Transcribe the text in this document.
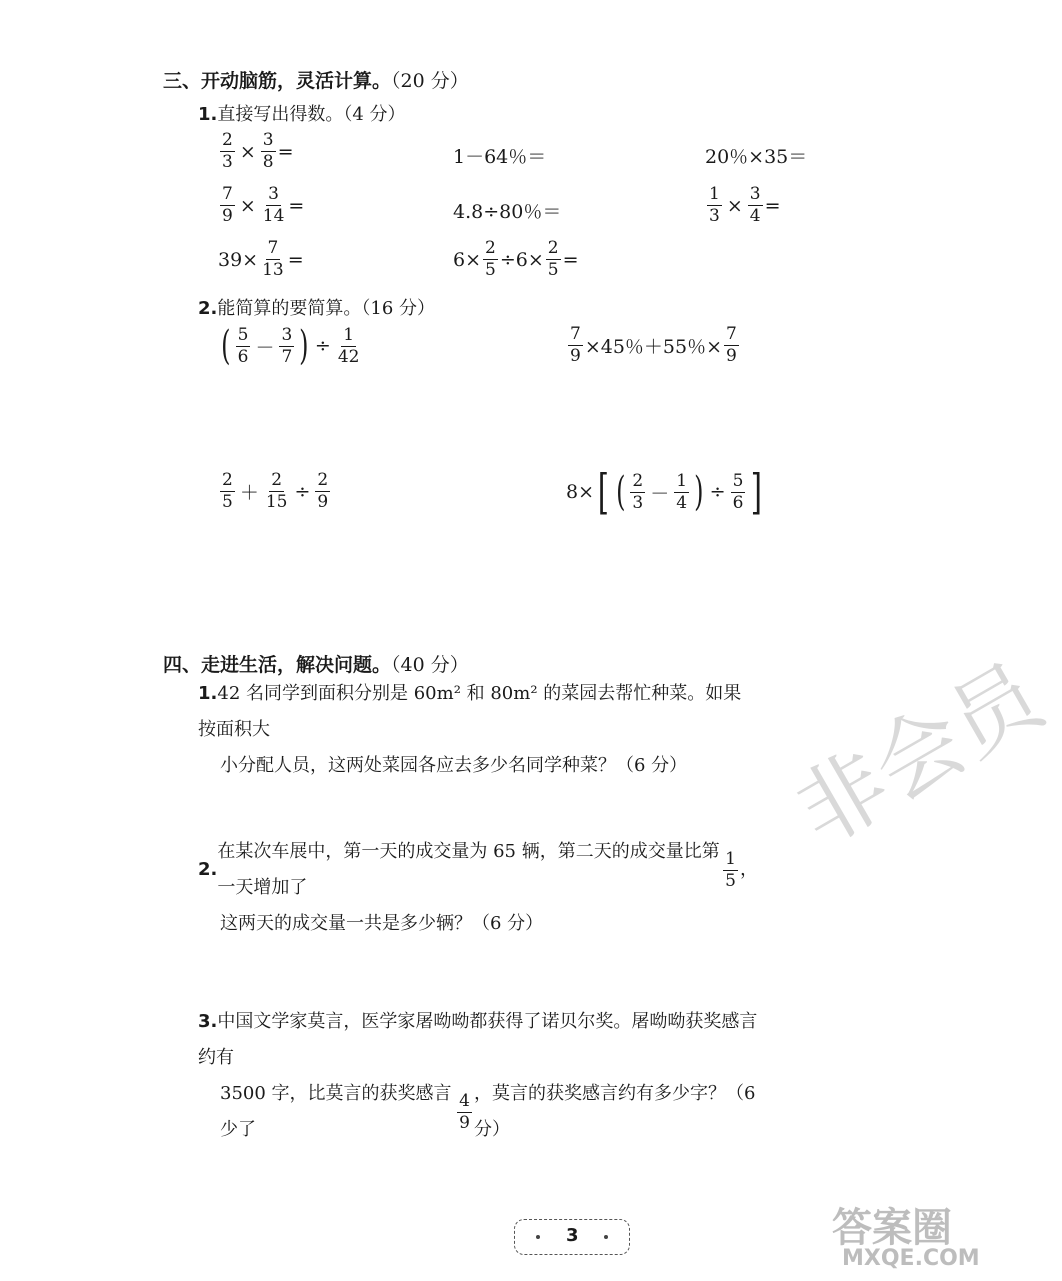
三、开动脑筋，灵活计算。（20 分）
1.直接写出得数。（4 分）
$\frac{2}{3} \times \frac{3}{8}$ =	1－64％＝	20％×35＝
$\frac{7}{9} \times \frac{3}{14}$ =	4.8÷80％＝	$\frac{1}{3} \times \frac{3}{4}$ =
$39\times \frac{7}{13}$ =	$6\times \frac{2}{5} \div 6\times \frac{2}{5}$ =
2.能简算的要简算。（16 分）
( $\frac{5}{6} - \frac{3}{7}$ ) ÷ $\frac{1}{42}$	$\frac{7}{9} \times 45$％＋55％× $\frac{7}{9}$
$\frac{2}{5} + \frac{2}{15} \div \frac{2}{9}$	8× [ ( $\frac{2}{3} - \frac{1}{4}$ ) ÷ $\frac{5}{6}$ ]
非会员
四、走进生活，解决问题。（40 分）
1.42 名同学到面积分别是 60m² 和 80m² 的菜园去帮忙种菜。如果按面积大
小分配人员，这两处菜园各应去多少名同学种菜？（6 分）
2.
在某次车展中，第一天的成交量为 65 辆，第二天的成交量比第一天增加了	$\frac{1}{5}$ ，
这两天的成交量一共是多少辆？（6 分）
3.中国文学家莫言，医学家屠呦呦都获得了诺贝尔奖。屠呦呦获奖感言约有
3500 字，比莫言的获奖感言少了	$\frac{4}{9}$ ，莫言的获奖感言约有多少字？（6 分）
3	答案圈
MXQE.COM
